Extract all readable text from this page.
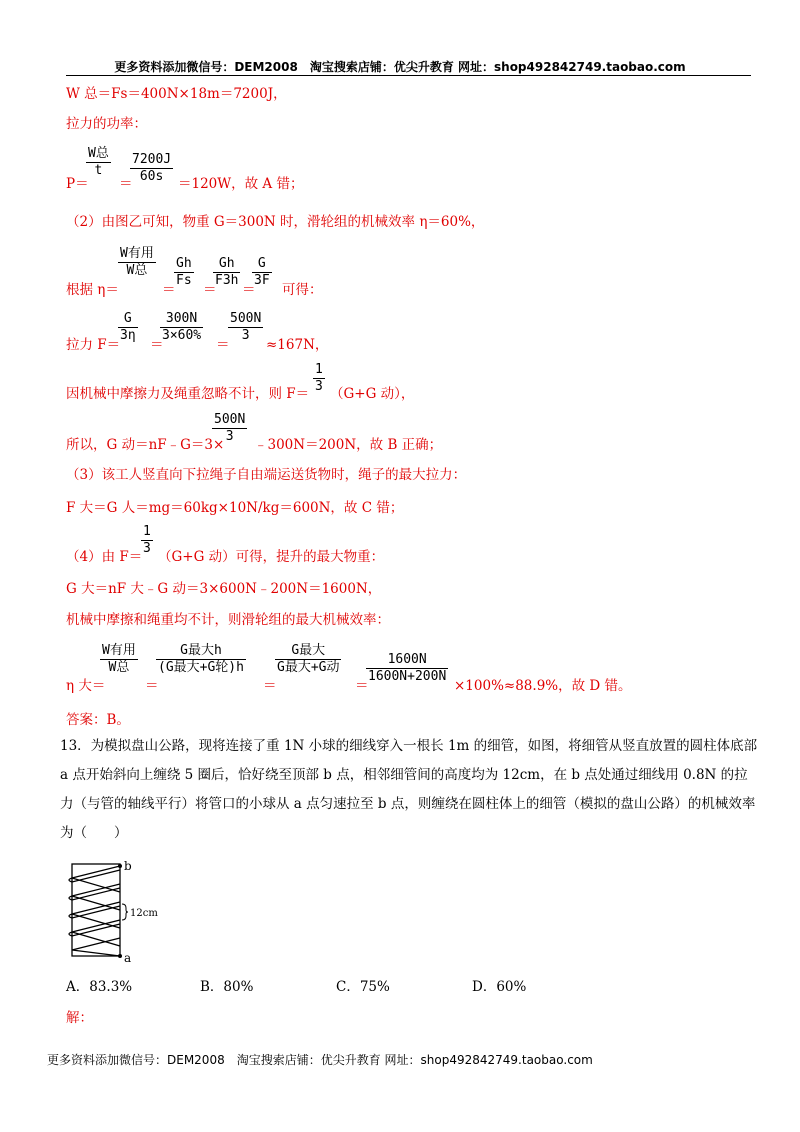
更多资料添加微信号：DEM2008　淘宝搜索店铺：优尖升教育 网址：shop492842749.taobao.com
W 总＝Fs＝400N×18m＝7200J，
拉力的功率：
P＝
W总
t
＝
$\frac{7200J}{60s} =120W$，故 A 错；
（2）由图乙可知，物重 G＝300N 时，滑轮组的机械效率 η＝60%，
根据 η＝
W有用
W总
＝
$\frac{Gh}{Fs}$
＝
$\frac{Gh}{F3h}$
＝
$\frac{G}{3F}$
可得：
拉力 F＝
$\frac{G}{3\eta}$
＝
$\frac{300N}{3\times 60\%}$
＝
$\frac{500N}{3}$
≈167N，
因机械中摩擦力及绳重忽略不计，则 $F= \frac{1}{3} (G+G$ 动），
所以，G 动＝nF﹣G＝3×
$\frac{500N}{3}$ ﹣300N＝200N，故 B 正确；
（3）该工人竖直向下拉绳子自由端运送货物时，绳子的最大拉力：
F 大＝G 人＝mg＝60kg×10N/kg＝600N，故 C 错；
（4）由 F＝
$\frac{1}{3} (G+G$ 动）可得，提升的最大物重：
G 大＝nF 大﹣G 动＝3×600N﹣200N＝1600N，
机械中摩擦和绳重均不计，则滑轮组的最大机械效率：
η 大＝
W有用
W总
＝
G最大h
(G最大+G轮)h
＝
G最大
G最大+G动
＝
$\frac{1600N}{1600N+200N}$
×100%≈88.9%，故 D 错。
答案：B。
13．为模拟盘山公路，现将连接了重 1N 小球的细线穿入一根长 1m 的细管，如图，将细管从竖直放置的圆柱体底部 a 点开始斜向上缠绕 5 圈后，恰好绕至顶部 b 点，相邻细管间的高度均为 12cm，在 b 点处通过细线用 0.8N 的拉力（与管的轴线平行）将管口的小球从 a 点匀速拉至 b 点，则缠绕在圆柱体上的细管（模拟的盘山公路）的机械效率为（　　）
b
a
12cm
A．83.3%	B．80%	C．75%	D．60%
解：
更多资料添加微信号：DEM2008　淘宝搜索店铺：优尖升教育 网址：shop492842749.taobao.com
